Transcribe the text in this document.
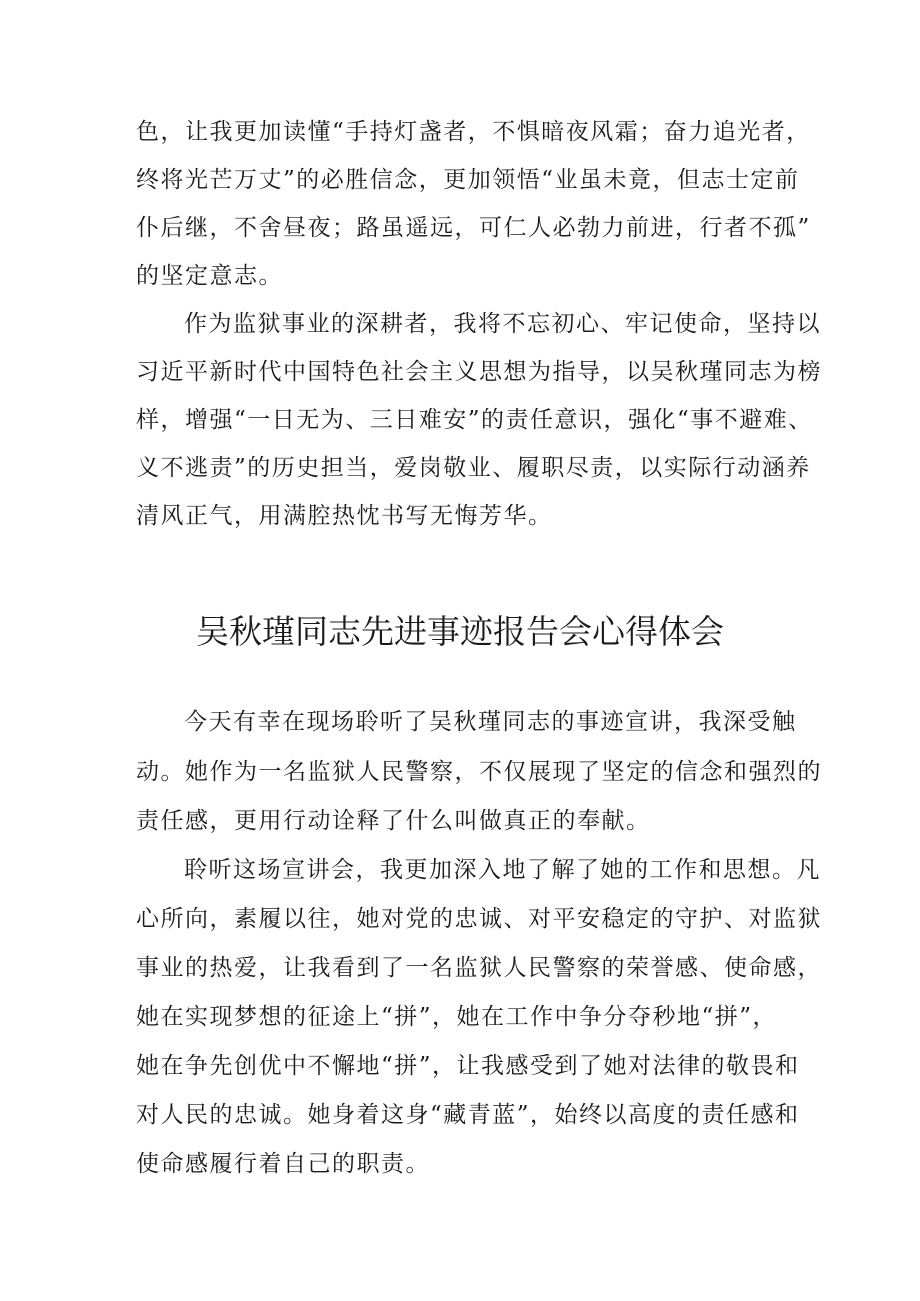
色，让我更加读懂“手持灯盏者，不惧暗夜风霜；奋力追光者，
终将光芒万丈”的必胜信念，更加领悟“业虽未竟，但志士定前
仆后继，不舍昼夜；路虽遥远，可仁人必勃力前进，行者不孤”
的坚定意志。
作为监狱事业的深耕者，我将不忘初心、牢记使命，坚持以
习近平新时代中国特色社会主义思想为指导，以吴秋瑾同志为榜
样，增强“一日无为、三日难安”的责任意识，强化“事不避难、
义不逃责”的历史担当，爱岗敬业、履职尽责，以实际行动涵养
清风正气，用满腔热忱书写无悔芳华。
吴秋瑾同志先进事迹报告会心得体会
今天有幸在现场聆听了吴秋瑾同志的事迹宣讲，我深受触
动。她作为一名监狱人民警察，不仅展现了坚定的信念和强烈的
责任感，更用行动诠释了什么叫做真正的奉献。
聆听这场宣讲会，我更加深入地了解了她的工作和思想。凡
心所向，素履以往，她对党的忠诚、对平安稳定的守护、对监狱
事业的热爱，让我看到了一名监狱人民警察的荣誉感、使命感，
她在实现梦想的征途上“拼”，她在工作中争分夺秒地“拼”，
她在争先创优中不懈地“拼”，让我感受到了她对法律的敬畏和
对人民的忠诚。她身着这身“藏青蓝”，始终以高度的责任感和
使命感履行着自己的职责。
